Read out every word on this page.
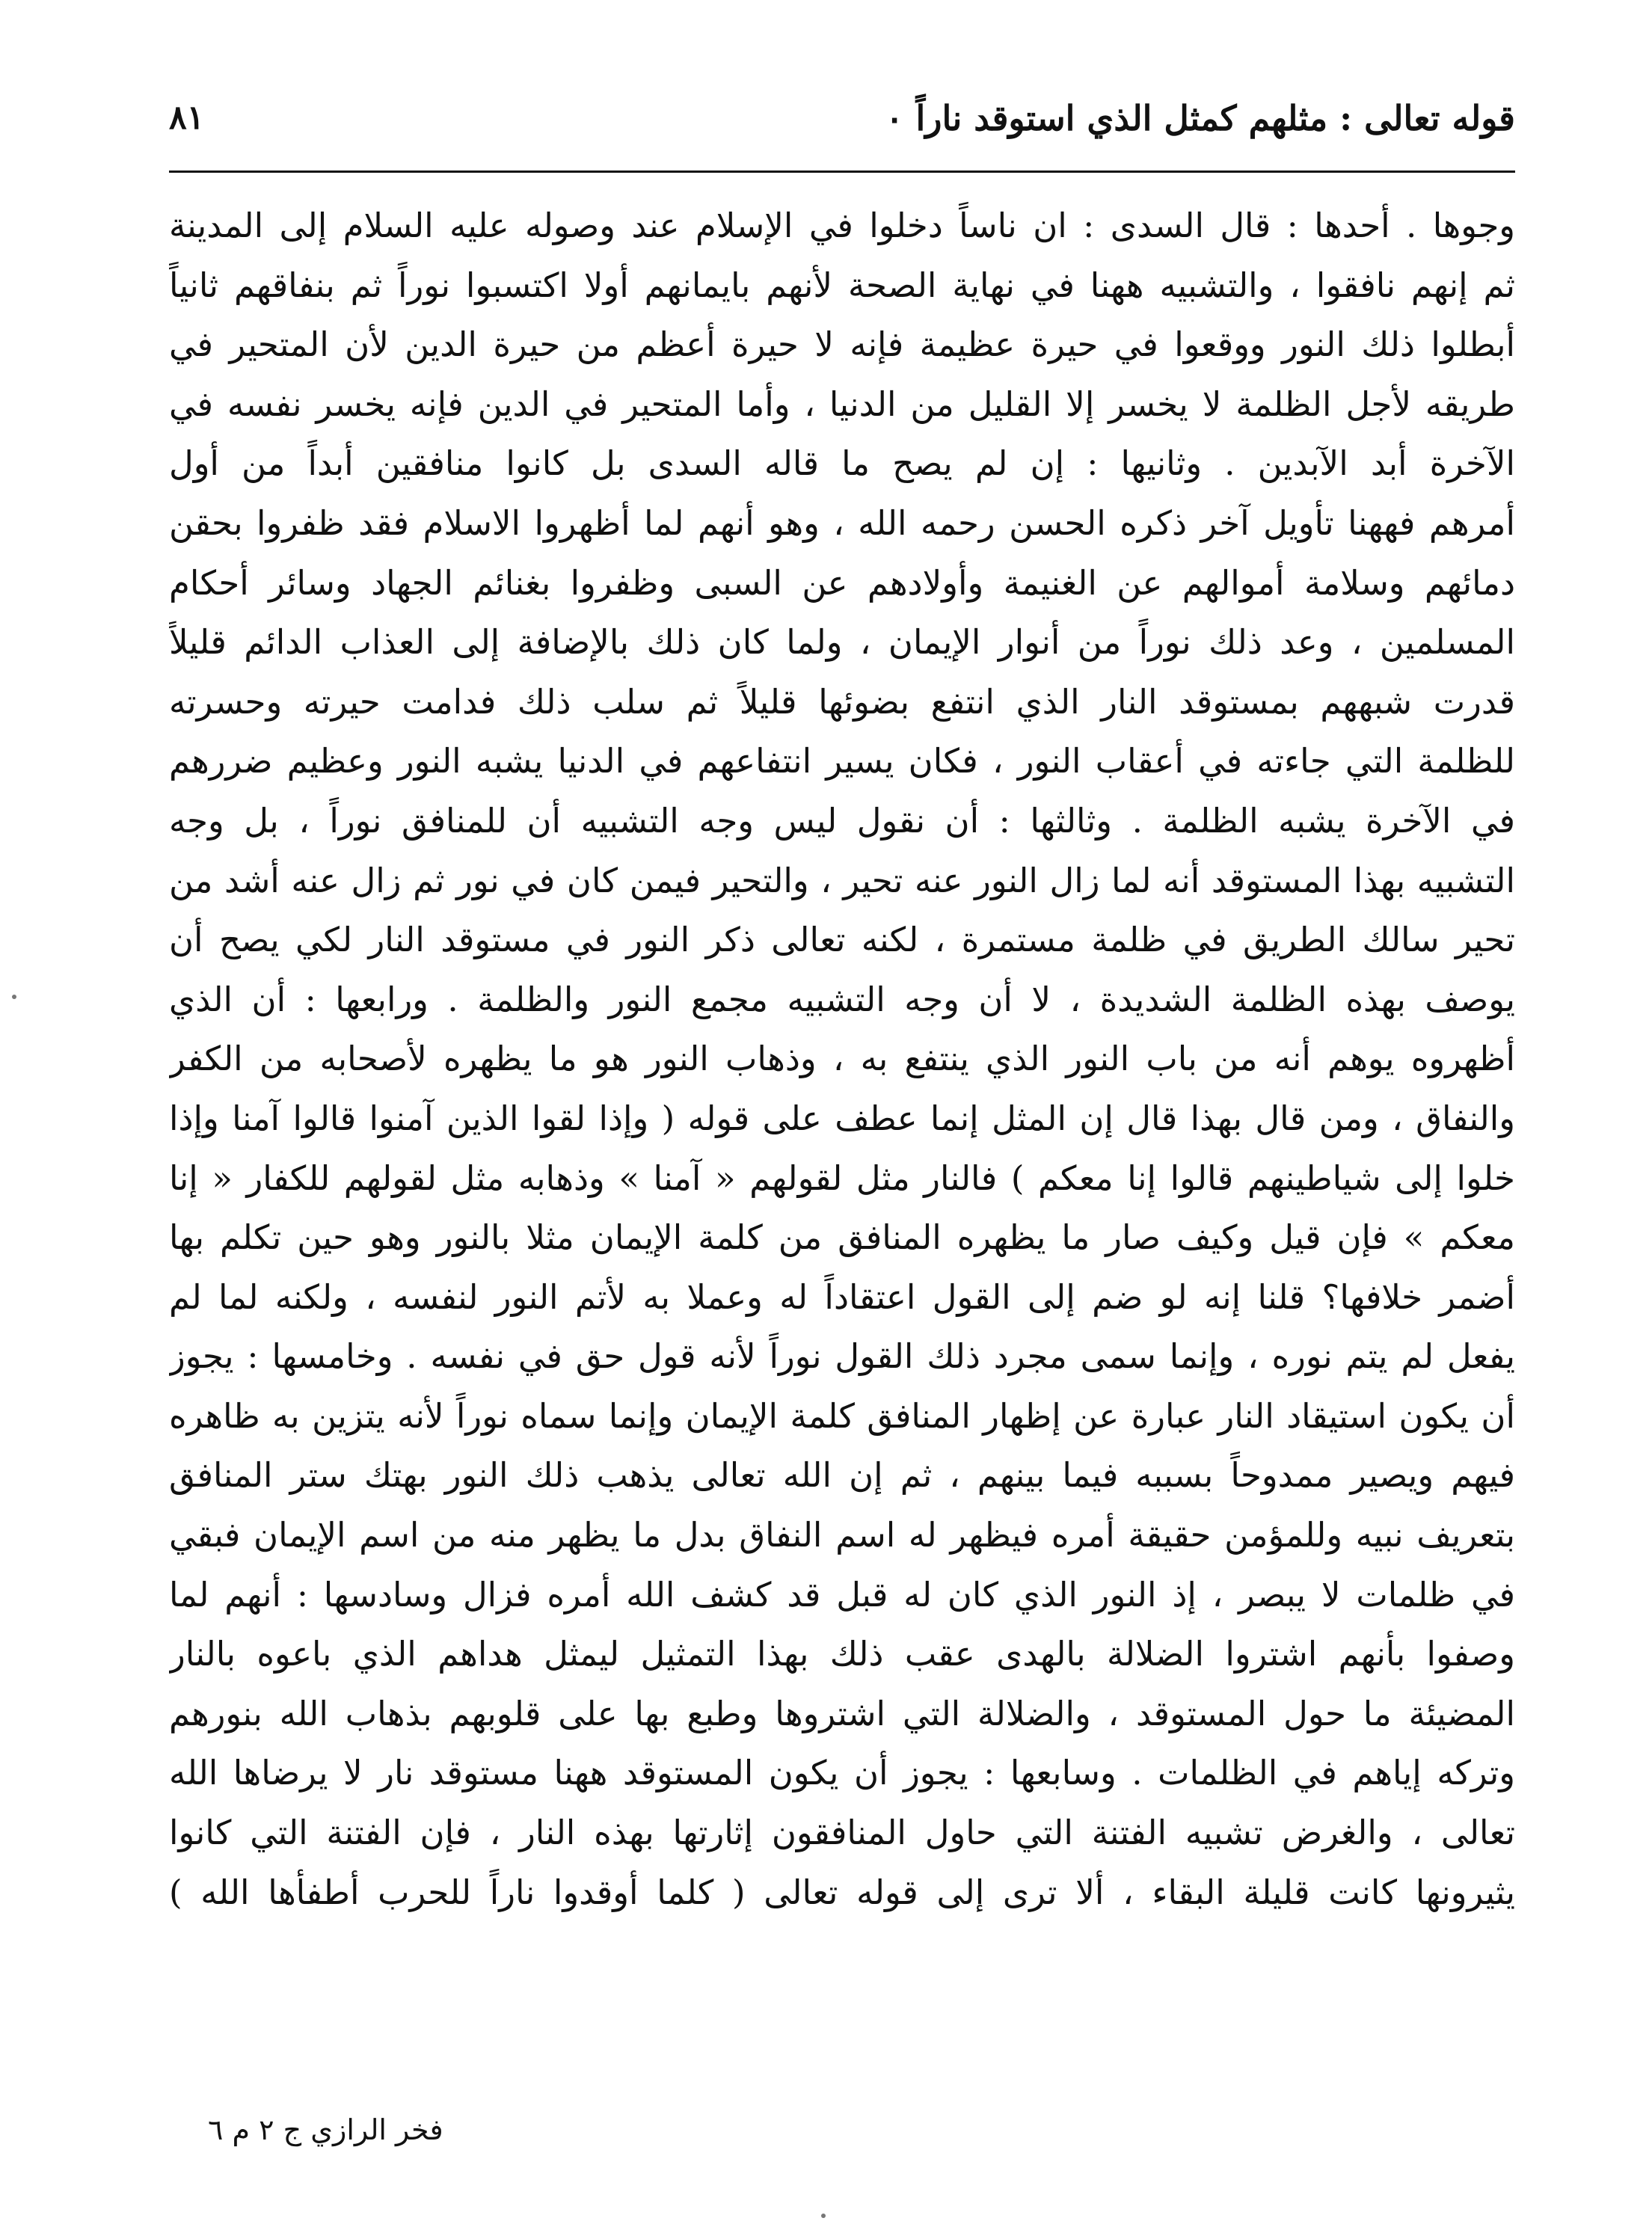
قوله تعالى : مثلهم كمثل الذي استوقد ناراً ٠
٨١
وجوها . أحدها : قال السدى : ان ناساً دخلوا في الإسلام عند وصوله عليه السلام إلى المدينة
ثم إنهم نافقوا ، والتشبيه ههنا في نهاية الصحة لأنهم بايمانهم أولا اكتسبوا نوراً ثم بنفاقهم ثانياً
أبطلوا ذلك النور ووقعوا في حيرة عظيمة فإنه لا حيرة أعظم من حيرة الدين لأن المتحير في
طريقه لأجل الظلمة لا يخسر إلا القليل من الدنيا ، وأما المتحير في الدين فإنه يخسر نفسه في
الآخرة أبد الآبدين . وثانيها : إن لم يصح ما قاله السدى بل كانوا منافقين أبداً من أول
أمرهم فههنا تأويل آخر ذكره الحسن رحمه الله ، وهو أنهم لما أظهروا الاسلام فقد ظفروا بحقن
دمائهم وسلامة أموالهم عن الغنيمة وأولادهم عن السبى وظفروا بغنائم الجهاد وسائر أحكام
المسلمين ، وعد ذلك نوراً من أنوار الإيمان ، ولما كان ذلك بالإضافة إلى العذاب الدائم قليلاً
قدرت شبههم بمستوقد النار الذي انتفع بضوئها قليلاً ثم سلب ذلك فدامت حيرته وحسرته
للظلمة التي جاءته في أعقاب النور ، فكان يسير انتفاعهم في الدنيا يشبه النور وعظيم ضررهم
في الآخرة يشبه الظلمة . وثالثها : أن نقول ليس وجه التشبيه أن للمنافق نوراً ، بل وجه
التشبيه بهذا المستوقد أنه لما زال النور عنه تحير ، والتحير فيمن كان في نور ثم زال عنه أشد من
تحير سالك الطريق في ظلمة مستمرة ، لكنه تعالى ذكر النور في مستوقد النار لكي يصح أن
يوصف بهذه الظلمة الشديدة ، لا أن وجه التشبيه مجمع النور والظلمة . ورابعها : أن الذي
أظهروه يوهم أنه من باب النور الذي ينتفع به ، وذهاب النور هو ما يظهره لأصحابه من الكفر
والنفاق ، ومن قال بهذا قال إن المثل إنما عطف على قوله ( وإذا لقوا الذين آمنوا قالوا آمنا وإذا
خلوا إلى شياطينهم قالوا إنا معكم ) فالنار مثل لقولهم « آمنا » وذهابه مثل لقولهم للكفار « إنا
معكم » فإن قيل وكيف صار ما يظهره المنافق من كلمة الإيمان مثلا بالنور وهو حين تكلم بها
أضمر خلافها؟ قلنا إنه لو ضم إلى القول اعتقاداً له وعملا به لأتم النور لنفسه ، ولكنه لما لم
يفعل لم يتم نوره ، وإنما سمى مجرد ذلك القول نوراً لأنه قول حق في نفسه . وخامسها : يجوز
أن يكون استيقاد النار عبارة عن إظهار المنافق كلمة الإيمان وإنما سماه نوراً لأنه يتزين به ظاهره
فيهم ويصير ممدوحاً بسببه فيما بينهم ، ثم إن الله تعالى يذهب ذلك النور بهتك ستر المنافق
بتعريف نبيه وللمؤمن حقيقة أمره فيظهر له اسم النفاق بدل ما يظهر منه من اسم الإيمان فبقي
في ظلمات لا يبصر ، إذ النور الذي كان له قبل قد كشف الله أمره فزال وسادسها : أنهم لما
وصفوا بأنهم اشتروا الضلالة بالهدى عقب ذلك بهذا التمثيل ليمثل هداهم الذي باعوه بالنار
المضيئة ما حول المستوقد ، والضلالة التي اشتروها وطبع بها على قلوبهم بذهاب الله بنورهم
وتركه إياهم في الظلمات . وسابعها : يجوز أن يكون المستوقد ههنا مستوقد نار لا يرضاها الله
تعالى ، والغرض تشبيه الفتنة التي حاول المنافقون إثارتها بهذه النار ، فإن الفتنة التي كانوا
يثيرونها كانت قليلة البقاء ، ألا ترى إلى قوله تعالى ( كلما أوقدوا ناراً للحرب أطفأها الله )
فخر الرازي ج ٢ م ٦
